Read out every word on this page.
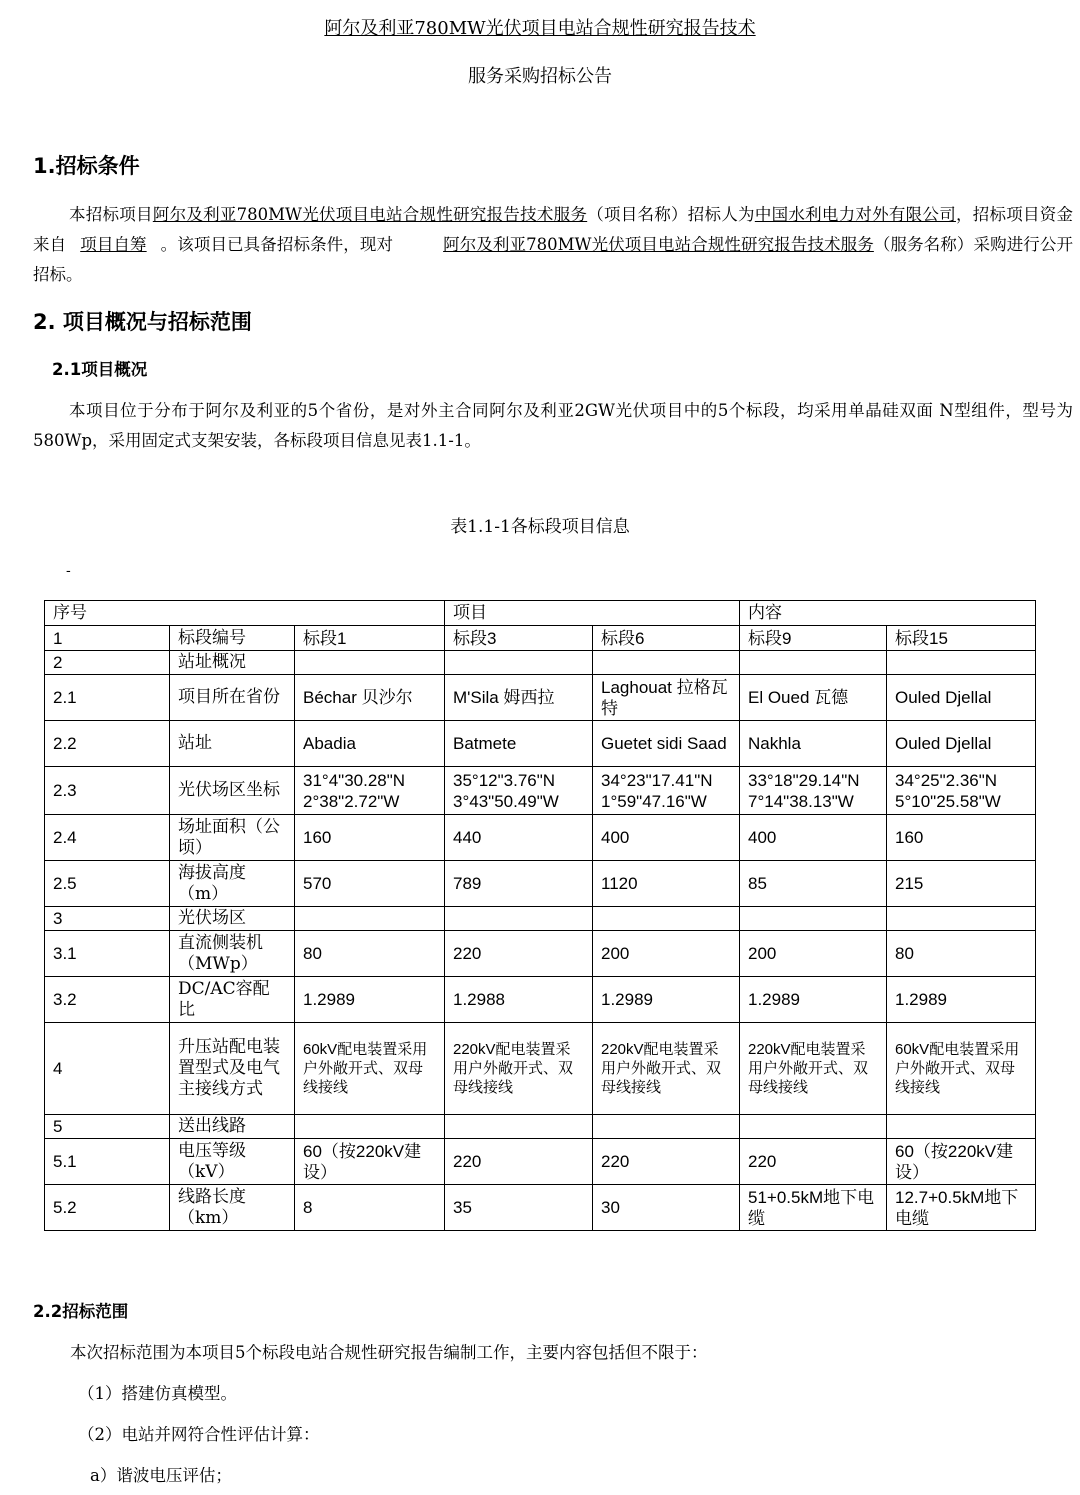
阿尔及利亚780MW光伏项目电站合规性研究报告技术
服务采购招标公告
1.招标条件
本招标项目阿尔及利亚780MW光伏项目电站合规性研究报告技术服务（项目名称）招标人为中国水利电力对外有限公司，招标项目资金来自 项目自筹 。该项目已具备招标条件，现对	阿尔及利亚780MW光伏项目电站合规性研究报告技术服务（服务名称）采购进行公开招标。
2. 项目概况与招标范围
2.1项目概况
本项目位于分布于阿尔及利亚的5个省份，是对外主合同阿尔及利亚2GW光伏项目中的5个标段，均采用单晶硅双面 N型组件，型号为580Wp，采用固定式支架安装，各标段项目信息见表1.1-1。
表1.1-1各标段项目信息
-
序号			项目		内容	
1	标段编号	标段1	标段3	标段6	标段9	标段15
2	站址概况					
2.1	项目所在省份	Béchar 贝沙尔	M'Sila 姆西拉	Laghouat 拉格瓦特	El Oued 瓦德	Ouled Djellal
2.2	站址	Abadia	Batmete	Guetet sidi Saad	Nakhla	Ouled Djellal
2.3	光伏场区坐标	31°4"30.28"N 2°38"2.72"W	35°12"3.76"N 3°43"50.49"W	34°23"17.41"N 1°59"47.16"W	33°18"29.14"N 7°14"38.13"W	34°25"2.36"N 5°10"25.58"W
2.4	场址面积（公顷）	160	440	400	400	160
2.5	海拔高度（m）	570	789	1120	85	215
3	光伏场区					
3.1	直流侧装机（MWp）	80	220	200	200	80
3.2	DC/AC容配比	1.2989	1.2988	1.2989	1.2989	1.2989
4	升压站配电装置型式及电气主接线方式	60kV配电装置采用户外敞开式、双母线接线	220kV配电装置采用户外敞开式、双母线接线	220kV配电装置采用户外敞开式、双母线接线	220kV配电装置采用户外敞开式、双母线接线	60kV配电装置采用户外敞开式、双母线接线
5	送出线路					
5.1	电压等级（kV）	60（按220kV建设）	220	220	220	60（按220kV建设）
5.2	线路长度（km）	8	35	30	51+0.5kM地下电缆	12.7+0.5kM地下电缆
2.2招标范围
本次招标范围为本项目5个标段电站合规性研究报告编制工作，主要内容包括但不限于：
（1）搭建仿真模型。
（2）电站并网符合性评估计算：
a）谐波电压评估；
